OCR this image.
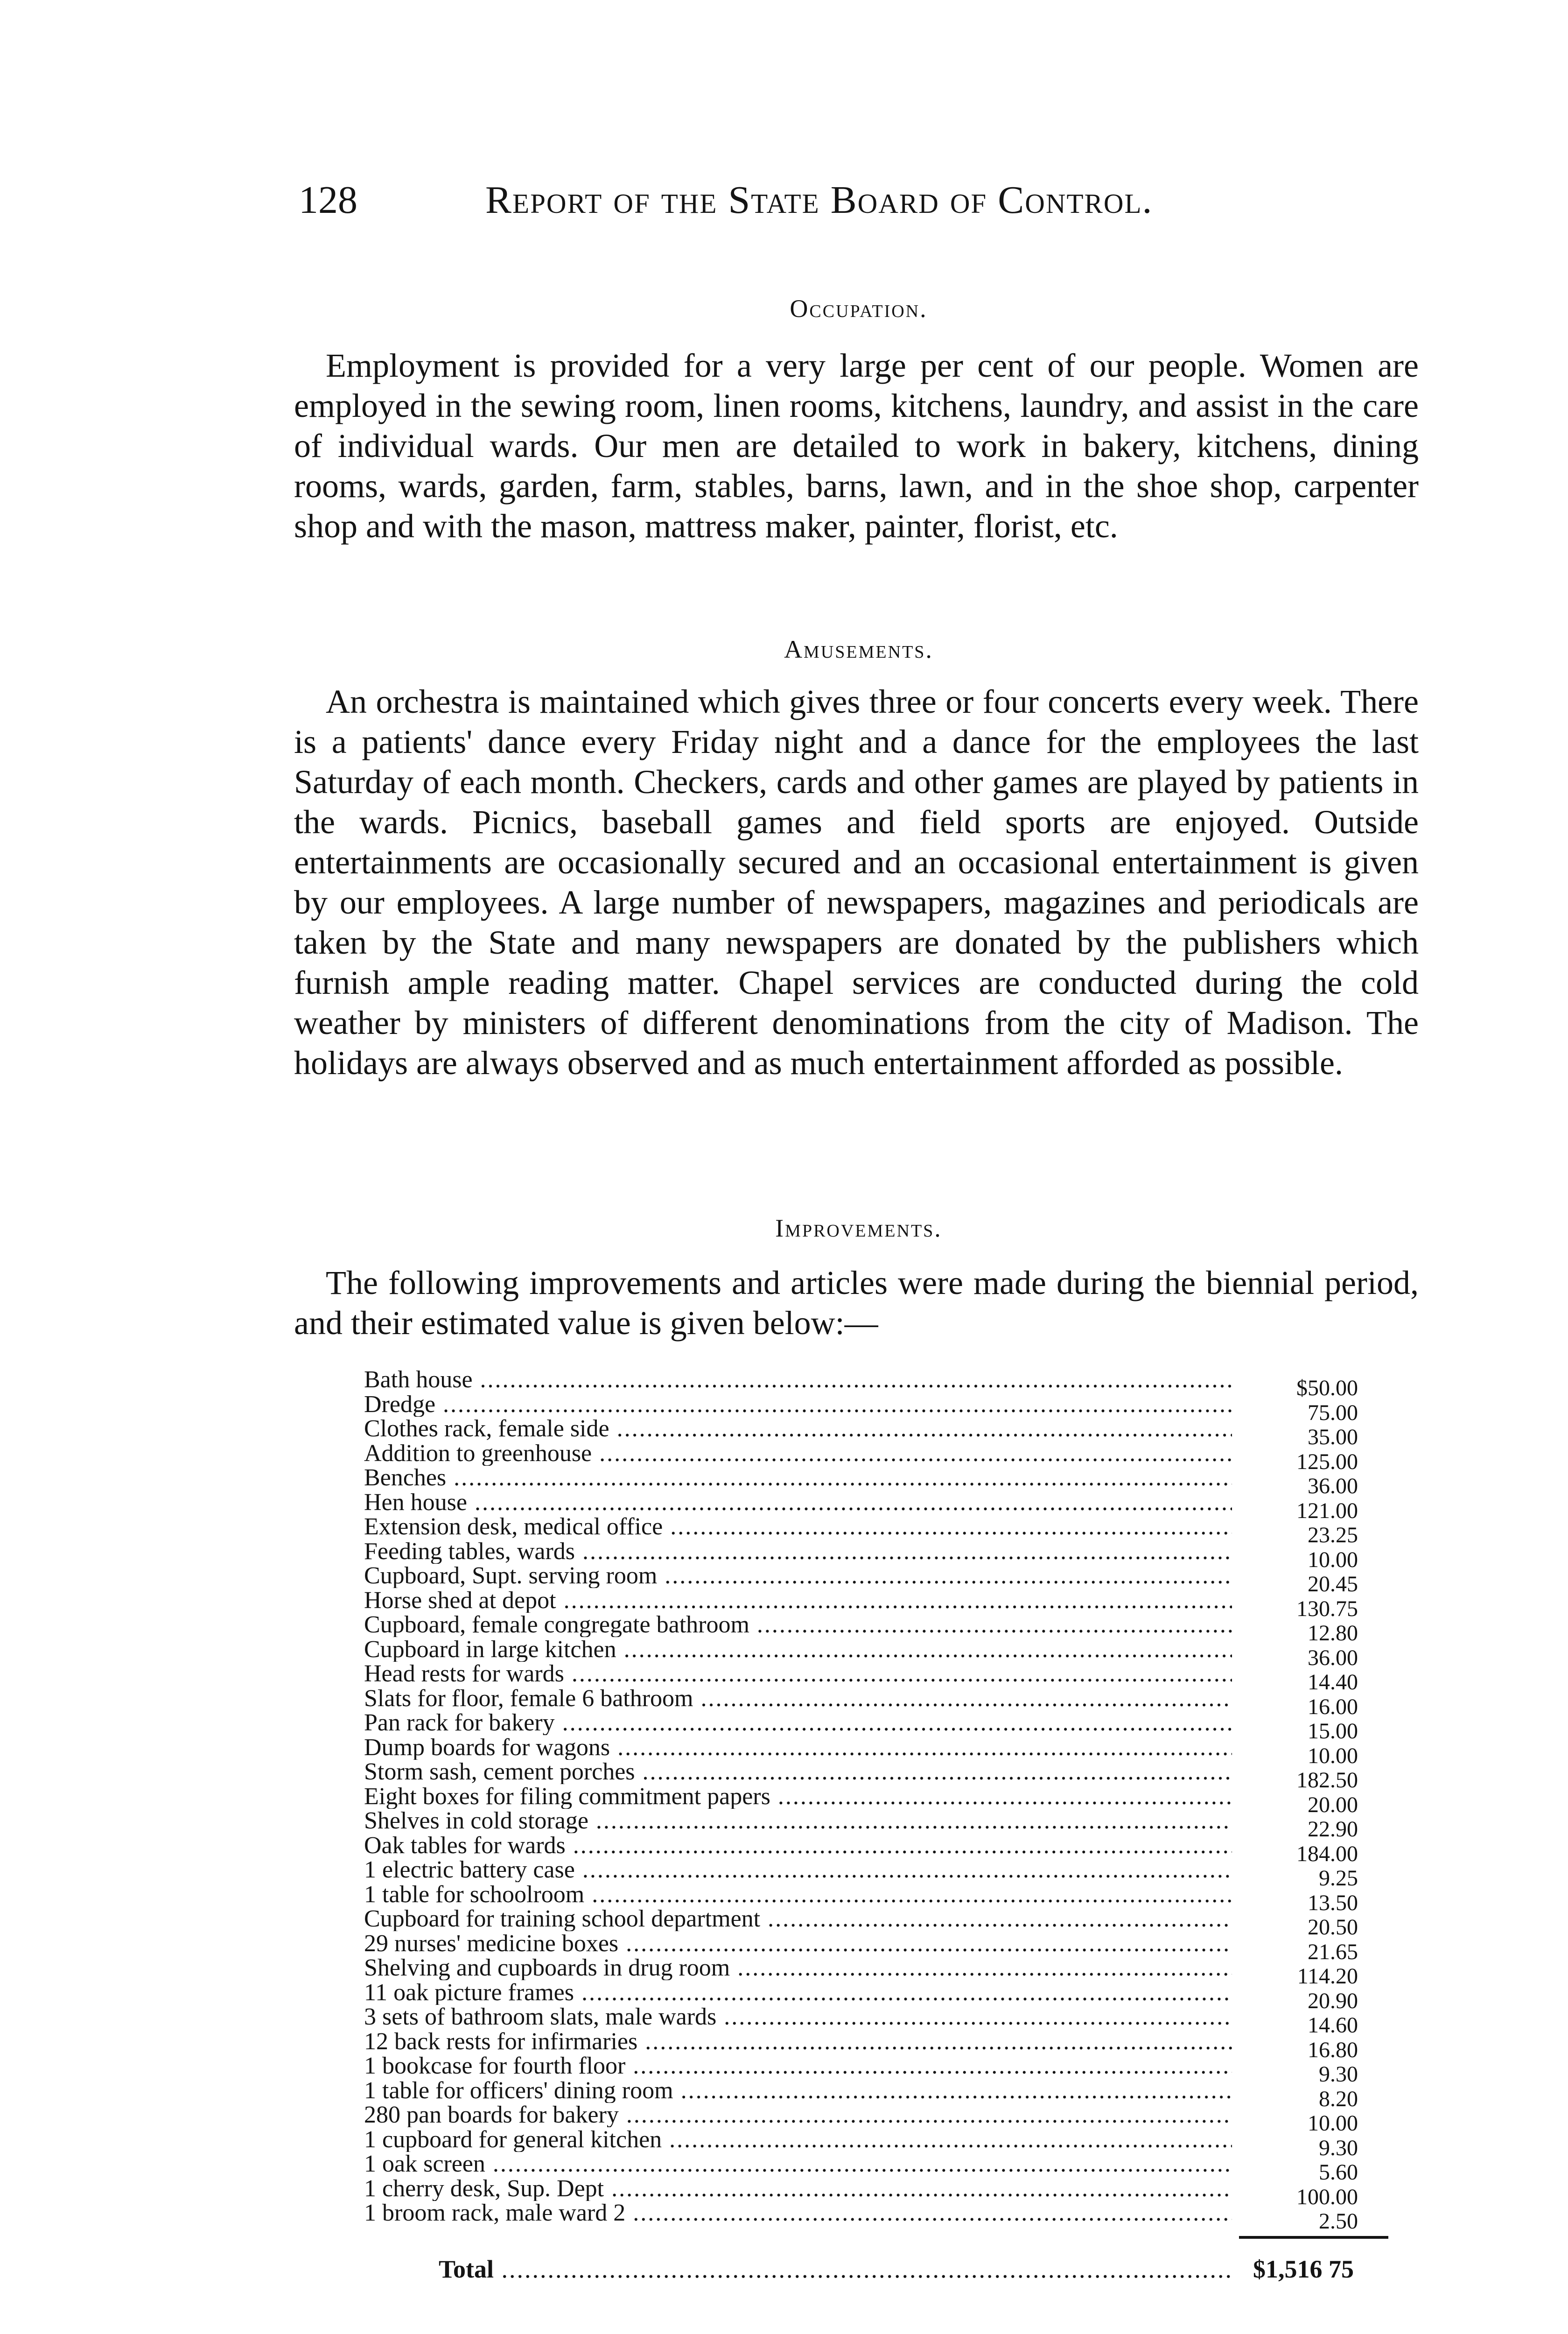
128	Report of the State Board of Control.
Occupation.

Employment is provided for a very large per cent of our people. Women are employed in the sewing room, linen rooms, kitchens, laundry, and assist in the care of individual wards. Our men are detailed to work in bakery, kitchens, dining rooms, wards, garden, farm, stables, barns, lawn, and in the shoe shop, carpenter shop and with the mason, mattress maker, painter, florist, etc.

Amusements.

An orchestra is maintained which gives three or four concerts every week. There is a patients' dance every Friday night and a dance for the employees the last Saturday of each month. Checkers, cards and other games are played by patients in the wards. Picnics, baseball games and field sports are enjoyed. Outside entertainments are occasionally secured and an occasional entertainment is given by our employees. A large number of newspapers, magazines and periodicals are taken by the State and many newspapers are donated by the publishers which furnish ample reading matter. Chapel services are conducted during the cold weather by ministers of different denominations from the city of Madison. The holidays are always observed and as much entertainment afforded as possible.

Improvements.

The following improvements and articles were made during the biennial period, and their estimated value is given below:—

Bath house .....	$50.00
Dredge .....	75.00
Clothes rack, female side .....	35.00
Addition to greenhouse .....	125.00
Benches .....	36.00
Hen house .....	121.00
Extension desk, medical office .....	23.25
Feeding tables, wards .....	10.00
Cupboard, Supt. serving room .....	20.45
Horse shed at depot .....	130.75
Cupboard, female congregate bathroom .....	12.80
Cupboard in large kitchen .....	36.00
Head rests for wards .....	14.40
Slats for floor, female 6 bathroom .....	16.00
Pan rack for bakery .....	15.00
Dump boards for wagons .....	10.00
Storm sash, cement porches .....	182.50
Eight boxes for filing commitment papers .....	20.00
Shelves in cold storage .....	22.90
Oak tables for wards .....	184.00
1 electric battery case .....	9.25
1 table for schoolroom .....	13.50
Cupboard for training school department .....	20.50
29 nurses' medicine boxes .....	21.65
Shelving and cupboards in drug room .....	114.20
11 oak picture frames .....	20.90
3 sets of bathroom slats, male wards .....	14.60
12 back rests for infirmaries .....	16.80
1 bookcase for fourth floor .....	9.30
1 table for officers' dining room .....	8.20
280 pan boards for bakery .....	10.00
1 cupboard for general kitchen .....	9.30
1 oak screen .....	5.60
1 cherry desk, Sup. Dept .....	100.00
1 broom rack, male ward 2 .....	2.50
Total .....	$1,516 75
